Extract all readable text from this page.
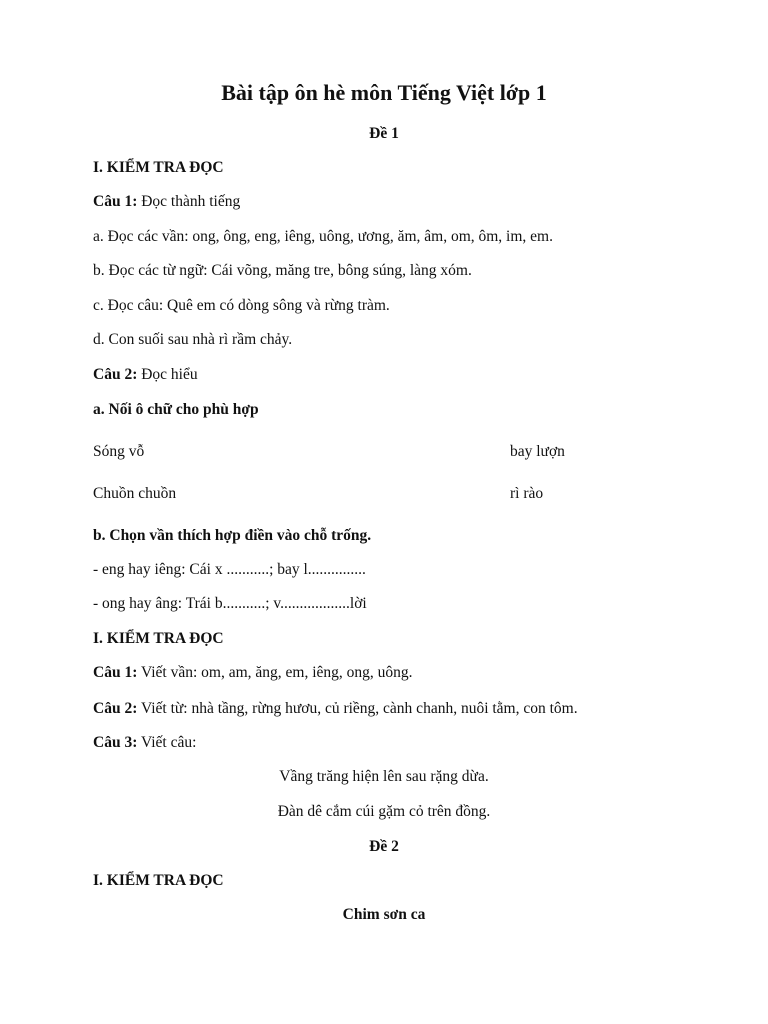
Bài tập ôn hè môn Tiếng Việt lớp 1
Đề 1
I. KIỂM TRA ĐỌC
Câu 1: Đọc thành tiếng
a. Đọc các vần: ong, ông, eng, iêng, uông, ương, ăm, âm, om, ôm, im, em.
b. Đọc các từ ngữ: Cái võng, măng tre, bông súng, làng xóm.
c. Đọc câu: Quê em có dòng sông và rừng tràm.
d. Con suối sau nhà rì rầm chảy.
Câu 2: Đọc hiểu
a. Nối ô chữ cho phù hợp
Sóng vỗ	bay lượn
Chuồn chuồn	rì rào
b. Chọn vần thích hợp điền vào chỗ trống.
- eng hay iêng: Cái x ...........; bay l...............
- ong hay âng: Trái b...........; v..................lời
I. KIỂM TRA ĐỌC
Câu 1: Viết vần: om, am, ăng, em, iêng, ong, uông.
Câu 2: Viết từ: nhà tầng, rừng hươu, củ riềng, cành chanh, nuôi tằm, con tôm.
Câu 3: Viết câu:
Vầng trăng hiện lên sau rặng dừa.
Đàn dê cắm cúi gặm cỏ trên đồng.
Đề 2
I. KIỂM TRA ĐỌC
Chim sơn ca
